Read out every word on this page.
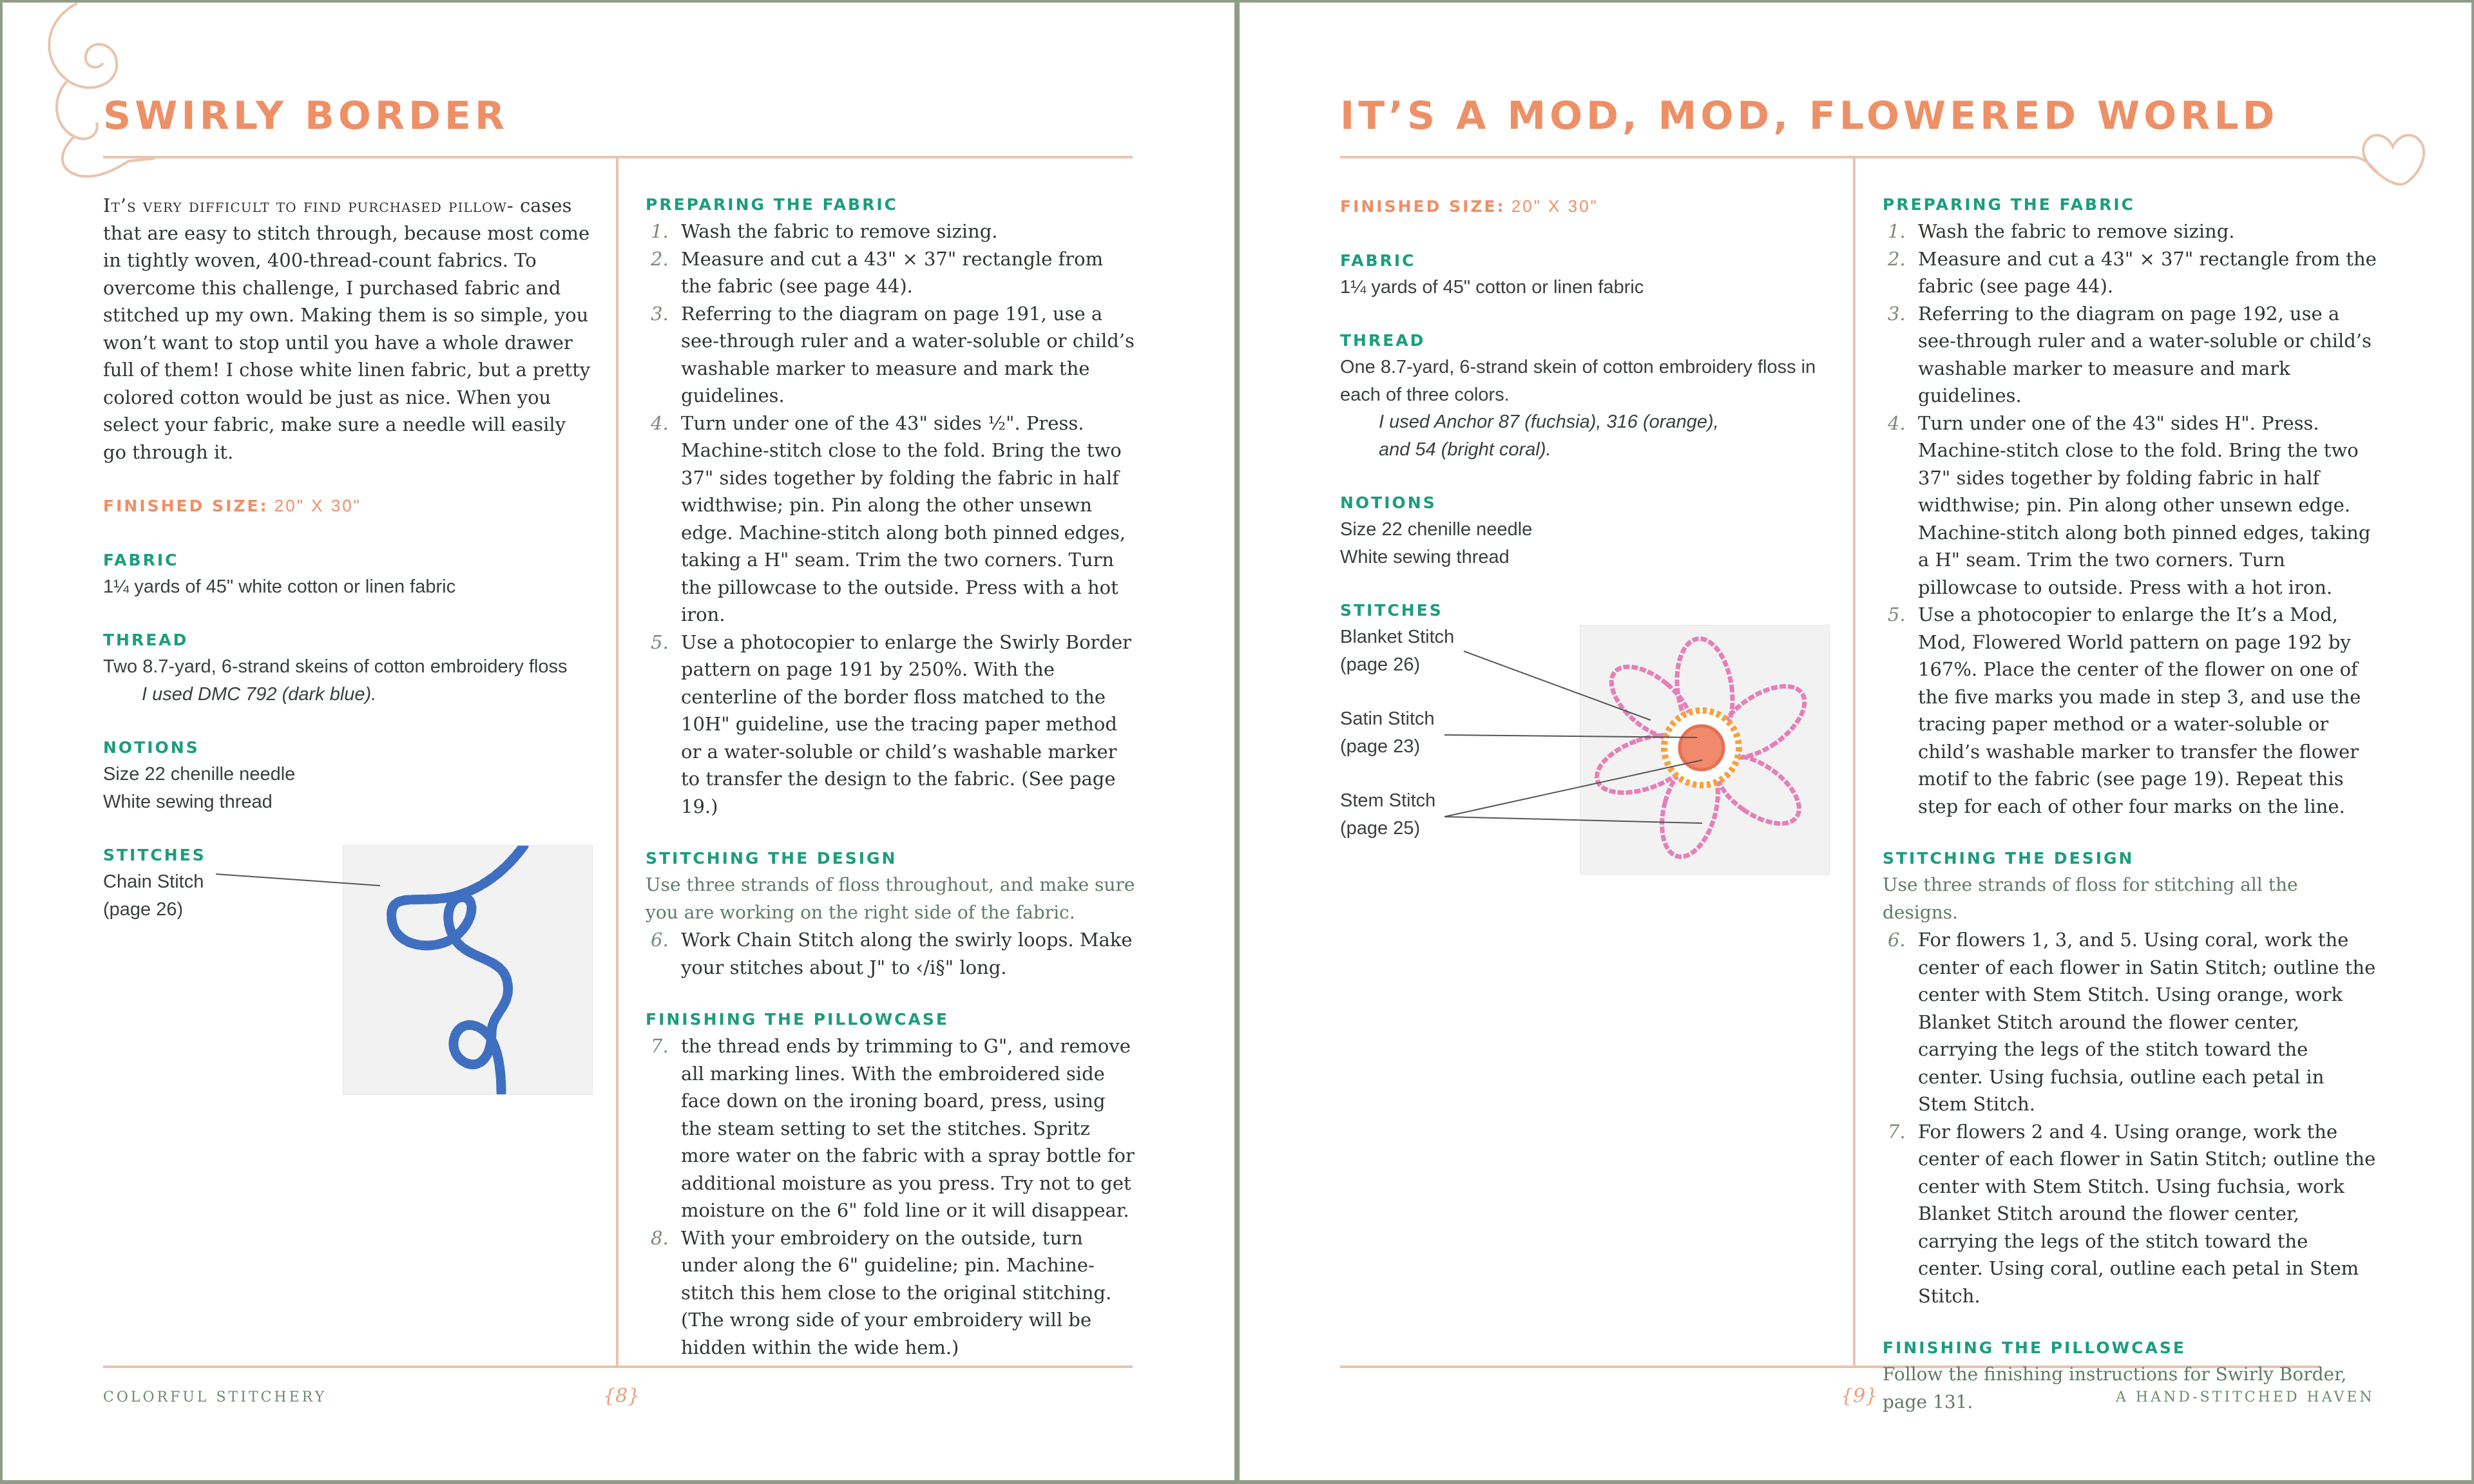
SWIRLY BORDER

It’s very difficult to find purchased pillow- cases that are easy to stitch through, because most come in tightly woven, 400-thread-count fabrics. To overcome this challenge, I purchased fabric and stitched up my own. Making them is so simple, you won’t want to stop until you have a whole drawer full of them! I chose white linen fabric, but a pretty colored cotton would be just as nice. When you select your fabric, make sure a needle will easily go through it.

FINISHED SIZE: 20" X 30"

FABRIC

1¼ yards of 45" white cotton or linen fabric

THREAD

Two 8.7-yard, 6-strand skeins of cotton embroidery floss

I used DMC 792 (dark blue).

NOTIONS

Size 22 chenille needle

White sewing thread

STITCHES

Chain Stitch

(page 26)

PREPARING THE FABRIC

1. Wash the fabric to remove sizing.
2. Measure and cut a 43" × 37" rectangle from the fabric (see page 44).
3. Referring to the diagram on page 191, use a see-through ruler and a water-soluble or child’s washable marker to measure and mark the guidelines.
4. Turn under one of the 43" sides ½". Press. Machine-stitch close to the fold. Bring the two 37" sides together by folding the fabric in half widthwise; pin. Pin along the other unsewn edge. Machine-stitch along both pinned edges, taking a H" seam. Trim the two corners. Turn the pillowcase to the outside. Press with a hot iron.
5. Use a photocopier to enlarge the Swirly Border pattern on page 191 by 250%. With the centerline of the border floss matched to the 10H" guideline, use the tracing paper method or a water-soluble or child’s washable marker to transfer the design to the fabric. (See page 19.)

STITCHING THE DESIGN

Use three strands of floss throughout, and make sure you are working on the right side of the fabric.

6. Work Chain Stitch along the swirly loops. Make your stitches about J" to ‹/i§" long.

FINISHING THE PILLOWCASE

7. the thread ends by trimming to G", and remove all marking lines. With the embroidered side face down on the ironing board, press, using the steam setting to set the stitches. Spritz more water on the fabric with a spray bottle for additional moisture as you press. Try not to get moisture on the 6" fold line or it will disappear.
8. With your embroidery on the outside, turn under along the 6" guideline; pin. Machine-stitch this hem close to the original stitching. (The wrong side of your embroidery will be hidden within the wide hem.)
COLORFUL STITCHERY	{8}
IT’S A MOD, MOD, FLOWERED WORLD

FINISHED SIZE: 20" X 30"

FABRIC

1¼ yards of 45" cotton or linen fabric

THREAD

One 8.7-yard, 6-strand skein of cotton embroidery floss in each of three colors.

I used Anchor 87 (fuchsia), 316 (orange),

and 54 (bright coral).

NOTIONS

Size 22 chenille needle

White sewing thread

STITCHES

Blanket Stitch

(page 26)

Satin Stitch

(page 23)

Stem Stitch

(page 25)

PREPARING THE FABRIC

1. Wash the fabric to remove sizing.
2. Measure and cut a 43" × 37" rectangle from the fabric (see page 44).
3. Referring to the diagram on page 192, use a see-through ruler and a water-soluble or child’s washable marker to measure and mark guidelines.
4. Turn under one of the 43" sides H". Press. Machine-stitch close to the fold. Bring the two 37" sides together by folding fabric in half widthwise; pin. Pin along other unsewn edge. Machine-stitch along both pinned edges, taking a H" seam. Trim the two corners. Turn pillowcase to outside. Press with a hot iron.
5. Use a photocopier to enlarge the It’s a Mod, Mod, Flowered World pattern on page 192 by 167%. Place the center of the flower on one of the five marks you made in step 3, and use the tracing paper method or a water-soluble or child’s washable marker to transfer the flower motif to the fabric (see page 19). Repeat this step for each of other four marks on the line.

STITCHING THE DESIGN

Use three strands of floss for stitching all the designs.

6. For flowers 1, 3, and 5. Using coral, work the center of each flower in Satin Stitch; outline the center with Stem Stitch. Using orange, work Blanket Stitch around the flower center, carrying the legs of the stitch toward the center. Using fuchsia, outline each petal in Stem Stitch.
7. For flowers 2 and 4. Using orange, work the center of each flower in Satin Stitch; outline the center with Stem Stitch. Using fuchsia, work Blanket Stitch around the flower center, carrying the legs of the stitch toward the center. Using coral, outline each petal in Stem Stitch.

FINISHING THE PILLOWCASE

Follow the finishing instructions for Swirly Border, page 131.

{9}	A HAND-STITCHED HAVEN
